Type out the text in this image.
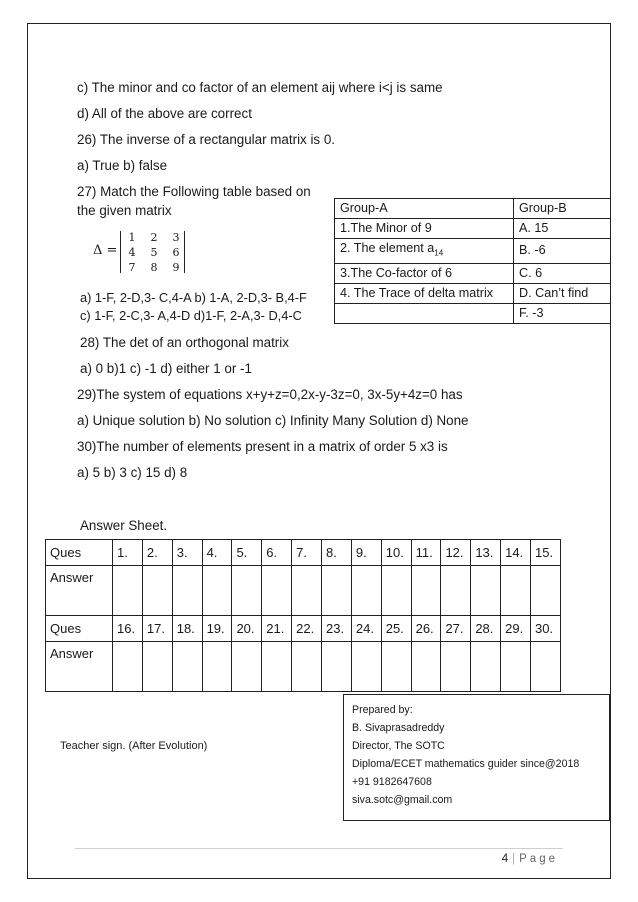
c) The minor and co factor of an element aij where i<j is same
d) All of the above are correct
26) The inverse of a rectangular matrix is 0.
a) True b) false
27) Match the Following table based on
the given matrix
Δ =
1	2	3
4	5	6
7	8	9
a) 1-F, 2-D,3- C,4-A b) 1-A, 2-D,3- B,4-F
c) 1-F, 2-C,3- A,4-D d)1-F, 2-A,3- D,4-C
Group-A	Group-B
1.The Minor of 9	A. 15
2. The element $a_{14}$	B. -6
3.The Co-factor of 6	C. 6
4. The Trace of delta matrix	D. Can’t find
	F. -3
28) The det of an orthogonal matrix
a) 0 b)1 c) -1 d) either 1 or -1
29)The system of equations x+y+z=0,2x-y-3z=0, 3x-5y+4z=0 has
a) Unique solution b) No solution c) Infinity Many Solution d) None
30)The number of elements present in a matrix of order 5 x3 is
a) 5 b) 3 c) 15 d) 8
Answer Sheet.
Ques	1.	2.	3.	4.	5.	6.	7.	8.	9.	10.	11.	12.	13.	14.	15.
Answer															
Ques	16.	17.	18.	19.	20.	21.	22.	23.	24.	25.	26.	27.	28.	29.	30.
Answer															
Teacher sign. (After Evolution)
Prepared by:
B. Sivaprasadreddy
Director, The SOTC
Diploma/ECET mathematics guider since@2018
+91 9182647608
siva.sotc@gmail.com
4 | Page
